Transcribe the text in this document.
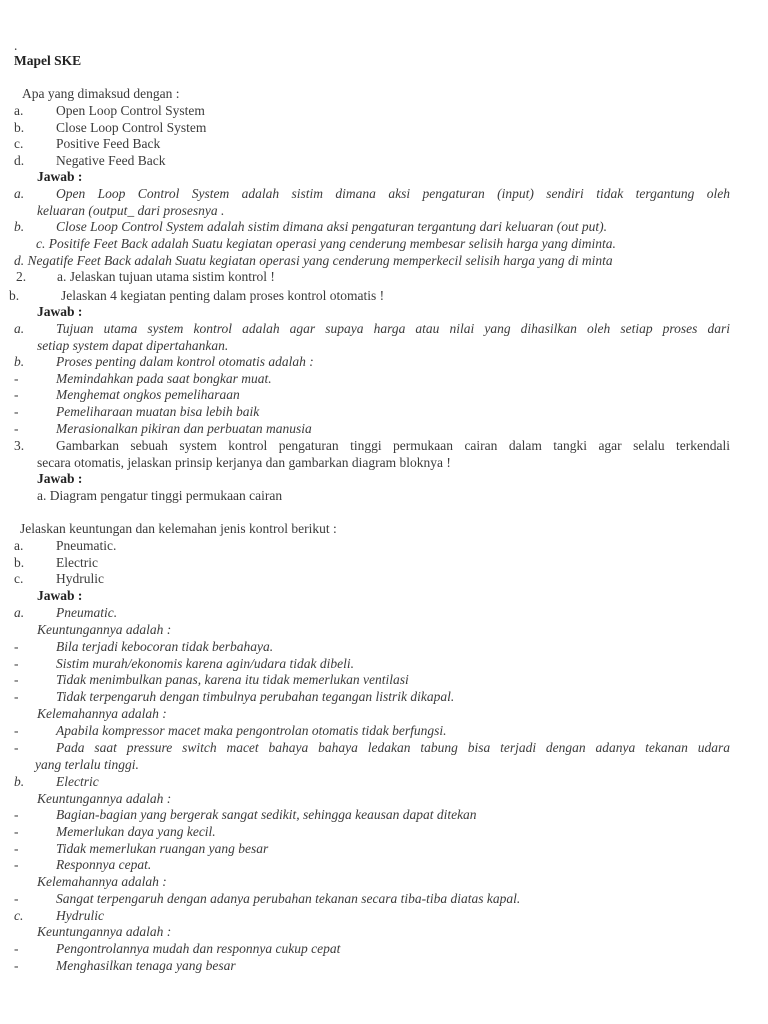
.
Mapel SKE
Apa yang dimaksud dengan :
a. Open Loop Control System
b. Close Loop Control System
c. Positive Feed Back
d. Negative Feed Back
Jawab :
a. Open Loop Control System adalah sistim dimana aksi pengaturan (input) sendiri tidak tergantung oleh
keluaran (output_ dari prosesnya .
b. Close Loop Control System adalah sistim dimana aksi pengaturan tergantung dari keluaran (out put).
c. Positife Feet Back adalah Suatu kegiatan operasi yang cenderung membesar selisih harga yang diminta.
d. Negatife Feet Back adalah Suatu kegiatan operasi yang cenderung memperkecil selisih harga yang di minta
2. a. Jelaskan tujuan utama sistim kontrol !
b.	Jelaskan 4 kegiatan penting dalam proses kontrol otomatis !
Jawab :
a. Tujuan utama system kontrol adalah agar supaya harga atau nilai yang dihasilkan oleh setiap proses dari
setiap system dapat dipertahankan.
b. Proses penting dalam kontrol otomatis adalah :
-	Memindahkan pada saat bongkar muat.
-	Menghemat ongkos pemeliharaan
-	Pemeliharaan muatan bisa lebih baik
-	Merasionalkan pikiran dan perbuatan manusia
3. Gambarkan sebuah system kontrol pengaturan tinggi permukaan cairan dalam tangki agar selalu terkendali
secara otomatis, jelaskan prinsip kerjanya dan gambarkan diagram bloknya !
Jawab :
a. Diagram pengatur tinggi permukaan cairan
Jelaskan keuntungan dan kelemahan jenis kontrol berikut :
a. Pneumatic.
b. Electric
c. Hydrulic
Jawab :
a. Pneumatic.
Keuntungannya adalah :
-	Bila terjadi kebocoran tidak berbahaya.
-	Sistim murah/ekonomis karena agin/udara tidak dibeli.
-	Tidak menimbulkan panas, karena itu tidak memerlukan ventilasi
-	Tidak terpengaruh dengan timbulnya perubahan tegangan listrik dikapal.
Kelemahannya adalah :
-	Apabila kompressor macet maka pengontrolan otomatis tidak berfungsi.
-	Pada saat pressure switch macet bahaya bahaya ledakan tabung bisa terjadi dengan adanya tekanan udara
yang terlalu tinggi.
b. Electric
Keuntungannya adalah :
-	Bagian-bagian yang bergerak sangat sedikit, sehingga keausan dapat ditekan
-	Memerlukan daya yang kecil.
-	Tidak memerlukan ruangan yang besar
-	Responnya cepat.
Kelemahannya adalah :
-	Sangat terpengaruh dengan adanya perubahan tekanan secara tiba-tiba diatas kapal.
c. Hydrulic
Keuntungannya adalah :
-	Pengontrolannya mudah dan responnya cukup cepat
-	Menghasilkan tenaga yang besar
